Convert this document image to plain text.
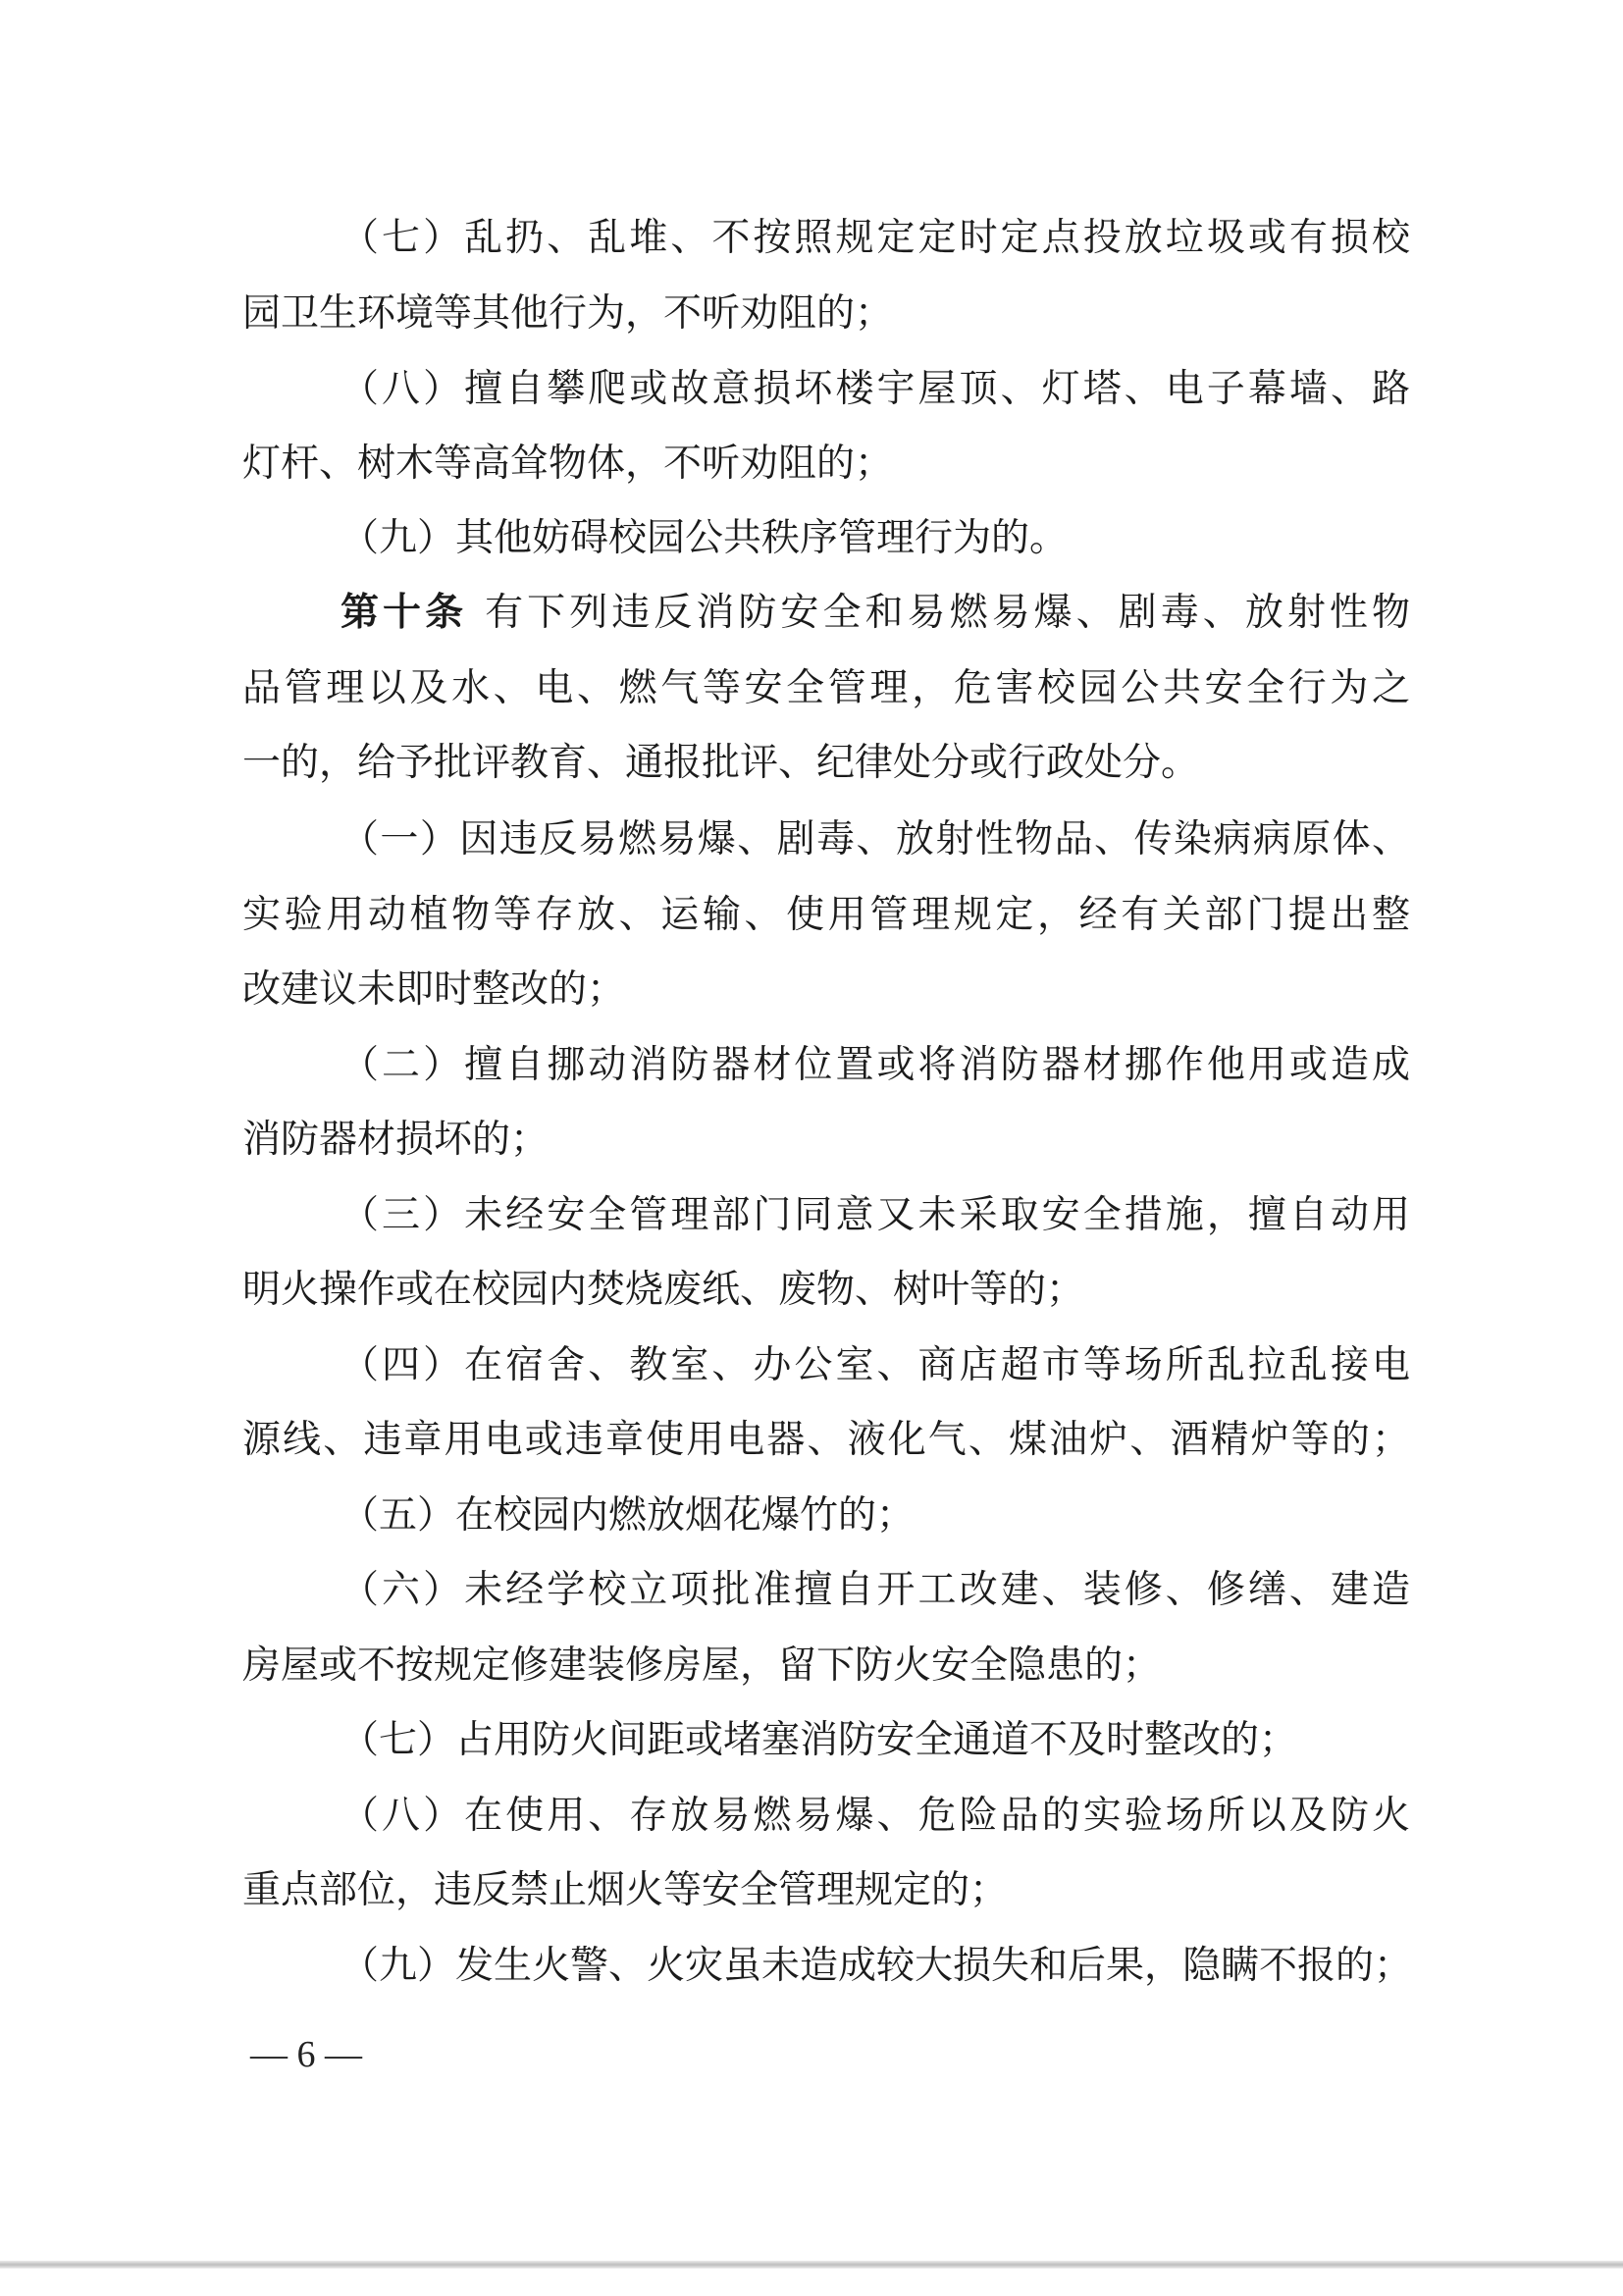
（七）乱扔、乱堆、不按照规定定时定点投放垃圾或有损校
园卫生环境等其他行为，不听劝阻的；
（八）擅自攀爬或故意损坏楼宇屋顶、灯塔、电子幕墙、路
灯杆、树木等高耸物体，不听劝阻的；
（九）其他妨碍校园公共秩序管理行为的。
第十条 有下列违反消防安全和易燃易爆、剧毒、放射性物
品管理以及水、电、燃气等安全管理，危害校园公共安全行为之
一的，给予批评教育、通报批评、纪律处分或行政处分。
（一）因违反易燃易爆、剧毒、放射性物品、传染病病原体、
实验用动植物等存放、运输、使用管理规定，经有关部门提出整
改建议未即时整改的；
（二）擅自挪动消防器材位置或将消防器材挪作他用或造成
消防器材损坏的；
（三）未经安全管理部门同意又未采取安全措施，擅自动用
明火操作或在校园内焚烧废纸、废物、树叶等的；
（四）在宿舍、教室、办公室、商店超市等场所乱拉乱接电
源线、违章用电或违章使用电器、液化气、煤油炉、酒精炉等的；
（五）在校园内燃放烟花爆竹的；
（六）未经学校立项批准擅自开工改建、装修、修缮、建造
房屋或不按规定修建装修房屋，留下防火安全隐患的；
（七）占用防火间距或堵塞消防安全通道不及时整改的；
（八）在使用、存放易燃易爆、危险品的实验场所以及防火
重点部位，违反禁止烟火等安全管理规定的；
（九）发生火警、火灾虽未造成较大损失和后果，隐瞒不报的；
— 6 —
